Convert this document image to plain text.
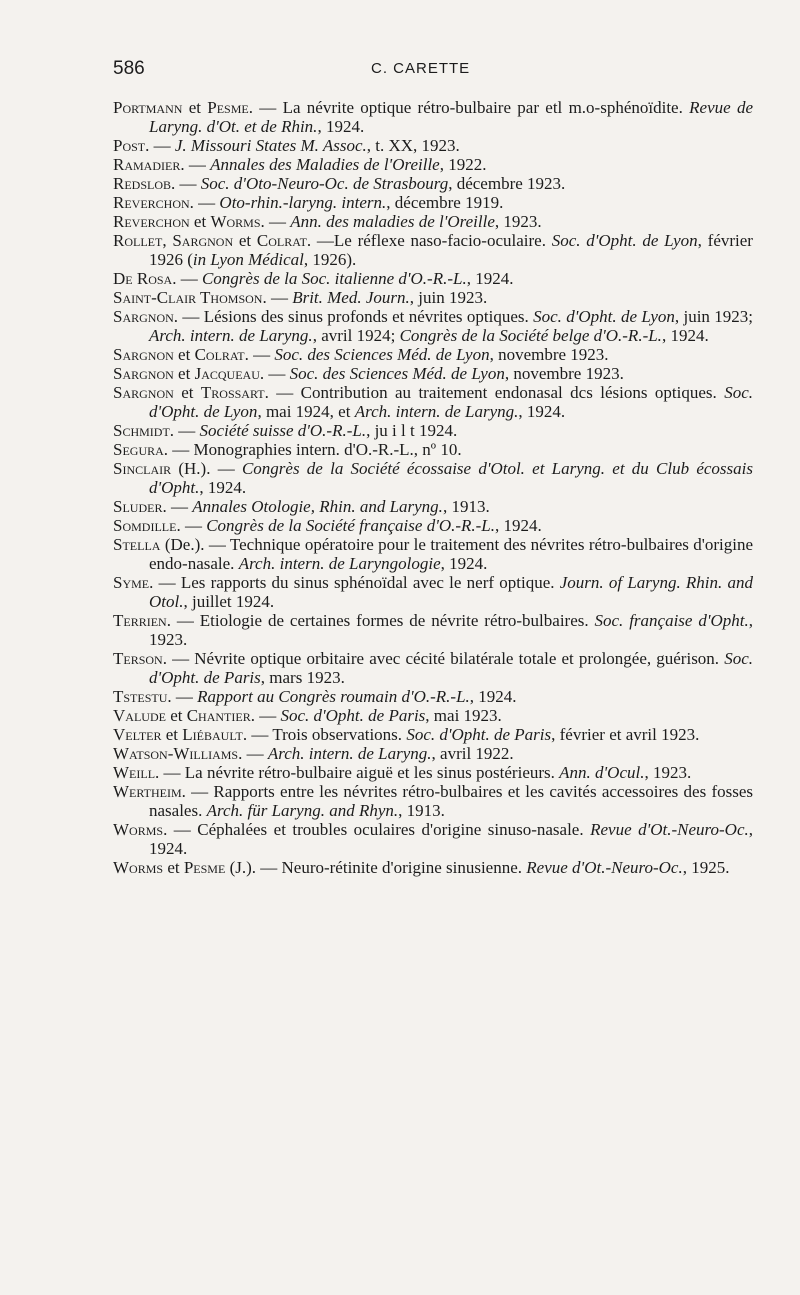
586	C. CARETTE

Portmann et Pesme. — La névrite optique rétro-bulbaire par etl m.o-sphénoïdite. Revue de Laryng. d'Ot. et de Rhin., 1924.

Post. — J. Missouri States M. Assoc., t. XX, 1923.

Ramadier. — Annales des Maladies de l'Oreille, 1922.

Redslob. — Soc. d'Oto-Neuro-Oc. de Strasbourg, décembre 1923.

Reverchon. — Oto-rhin.-laryng. intern., décembre 1919.

Reverchon et Worms. — Ann. des maladies de l'Oreille, 1923.

Rollet, Sargnon et Colrat. —Le réflexe naso-facio-oculaire. Soc. d'Opht. de Lyon, février 1926 (in Lyon Médical, 1926).

De Rosa. — Congrès de la Soc. italienne d'O.-R.-L., 1924.

Saint-Clair Thomson. — Brit. Med. Journ., juin 1923.

Sargnon. — Lésions des sinus profonds et névrites optiques. Soc. d'Opht. de Lyon, juin 1923; Arch. intern. de Laryng., avril 1924; Congrès de la Société belge d'O.-R.-L., 1924.

Sargnon et Colrat. — Soc. des Sciences Méd. de Lyon, novembre 1923.

Sargnon et Jacqueau. — Soc. des Sciences Méd. de Lyon, novembre 1923.

Sargnon et Trossart. — Contribution au traitement endonasal dcs lésions optiques. Soc. d'Opht. de Lyon, mai 1924, et Arch. intern. de Laryng., 1924.

Schmidt. — Société suisse d'O.-R.-L., ju i l t 1924.

Segura. — Monographies intern. d'O.-R.-L., nº 10.

Sinclair (H.). — Congrès de la Société écossaise d'Otol. et Laryng. et du Club écossais d'Opht., 1924.

Sluder. — Annales Otologie, Rhin. and Laryng., 1913.

Somdille. — Congrès de la Société française d'O.-R.-L., 1924.

Stella (De.). — Technique opératoire pour le traitement des névrites rétro-bulbaires d'origine endo-nasale. Arch. intern. de Laryngologie, 1924.

Syme. — Les rapports du sinus sphénoïdal avec le nerf optique. Journ. of Laryng. Rhin. and Otol., juillet 1924.

Terrien. — Etiologie de certaines formes de névrite rétro-bulbaires. Soc. française d'Opht., 1923.

Terson. — Névrite optique orbitaire avec cécité bilatérale totale et prolongée, guérison. Soc. d'Opht. de Paris, mars 1923.

Tstestu. — Rapport au Congrès roumain d'O.-R.-L., 1924.

Valude et Chantier. — Soc. d'Opht. de Paris, mai 1923.

Velter et Liébault. — Trois observations. Soc. d'Opht. de Paris, février et avril 1923.

Watson-Williams. — Arch. intern. de Laryng., avril 1922.

Weill. — La névrite rétro-bulbaire aiguë et les sinus postérieurs. Ann. d'Ocul., 1923.

Wertheim. — Rapports entre les névrites rétro-bulbaires et les cavités accessoires des fosses nasales. Arch. für Laryng. and Rhyn., 1913.

Worms. — Céphalées et troubles oculaires d'origine sinuso-nasale. Revue d'Ot.-Neuro-Oc., 1924.

Worms et Pesme (J.). — Neuro-rétinite d'origine sinusienne. Revue d'Ot.-Neuro-Oc., 1925.
